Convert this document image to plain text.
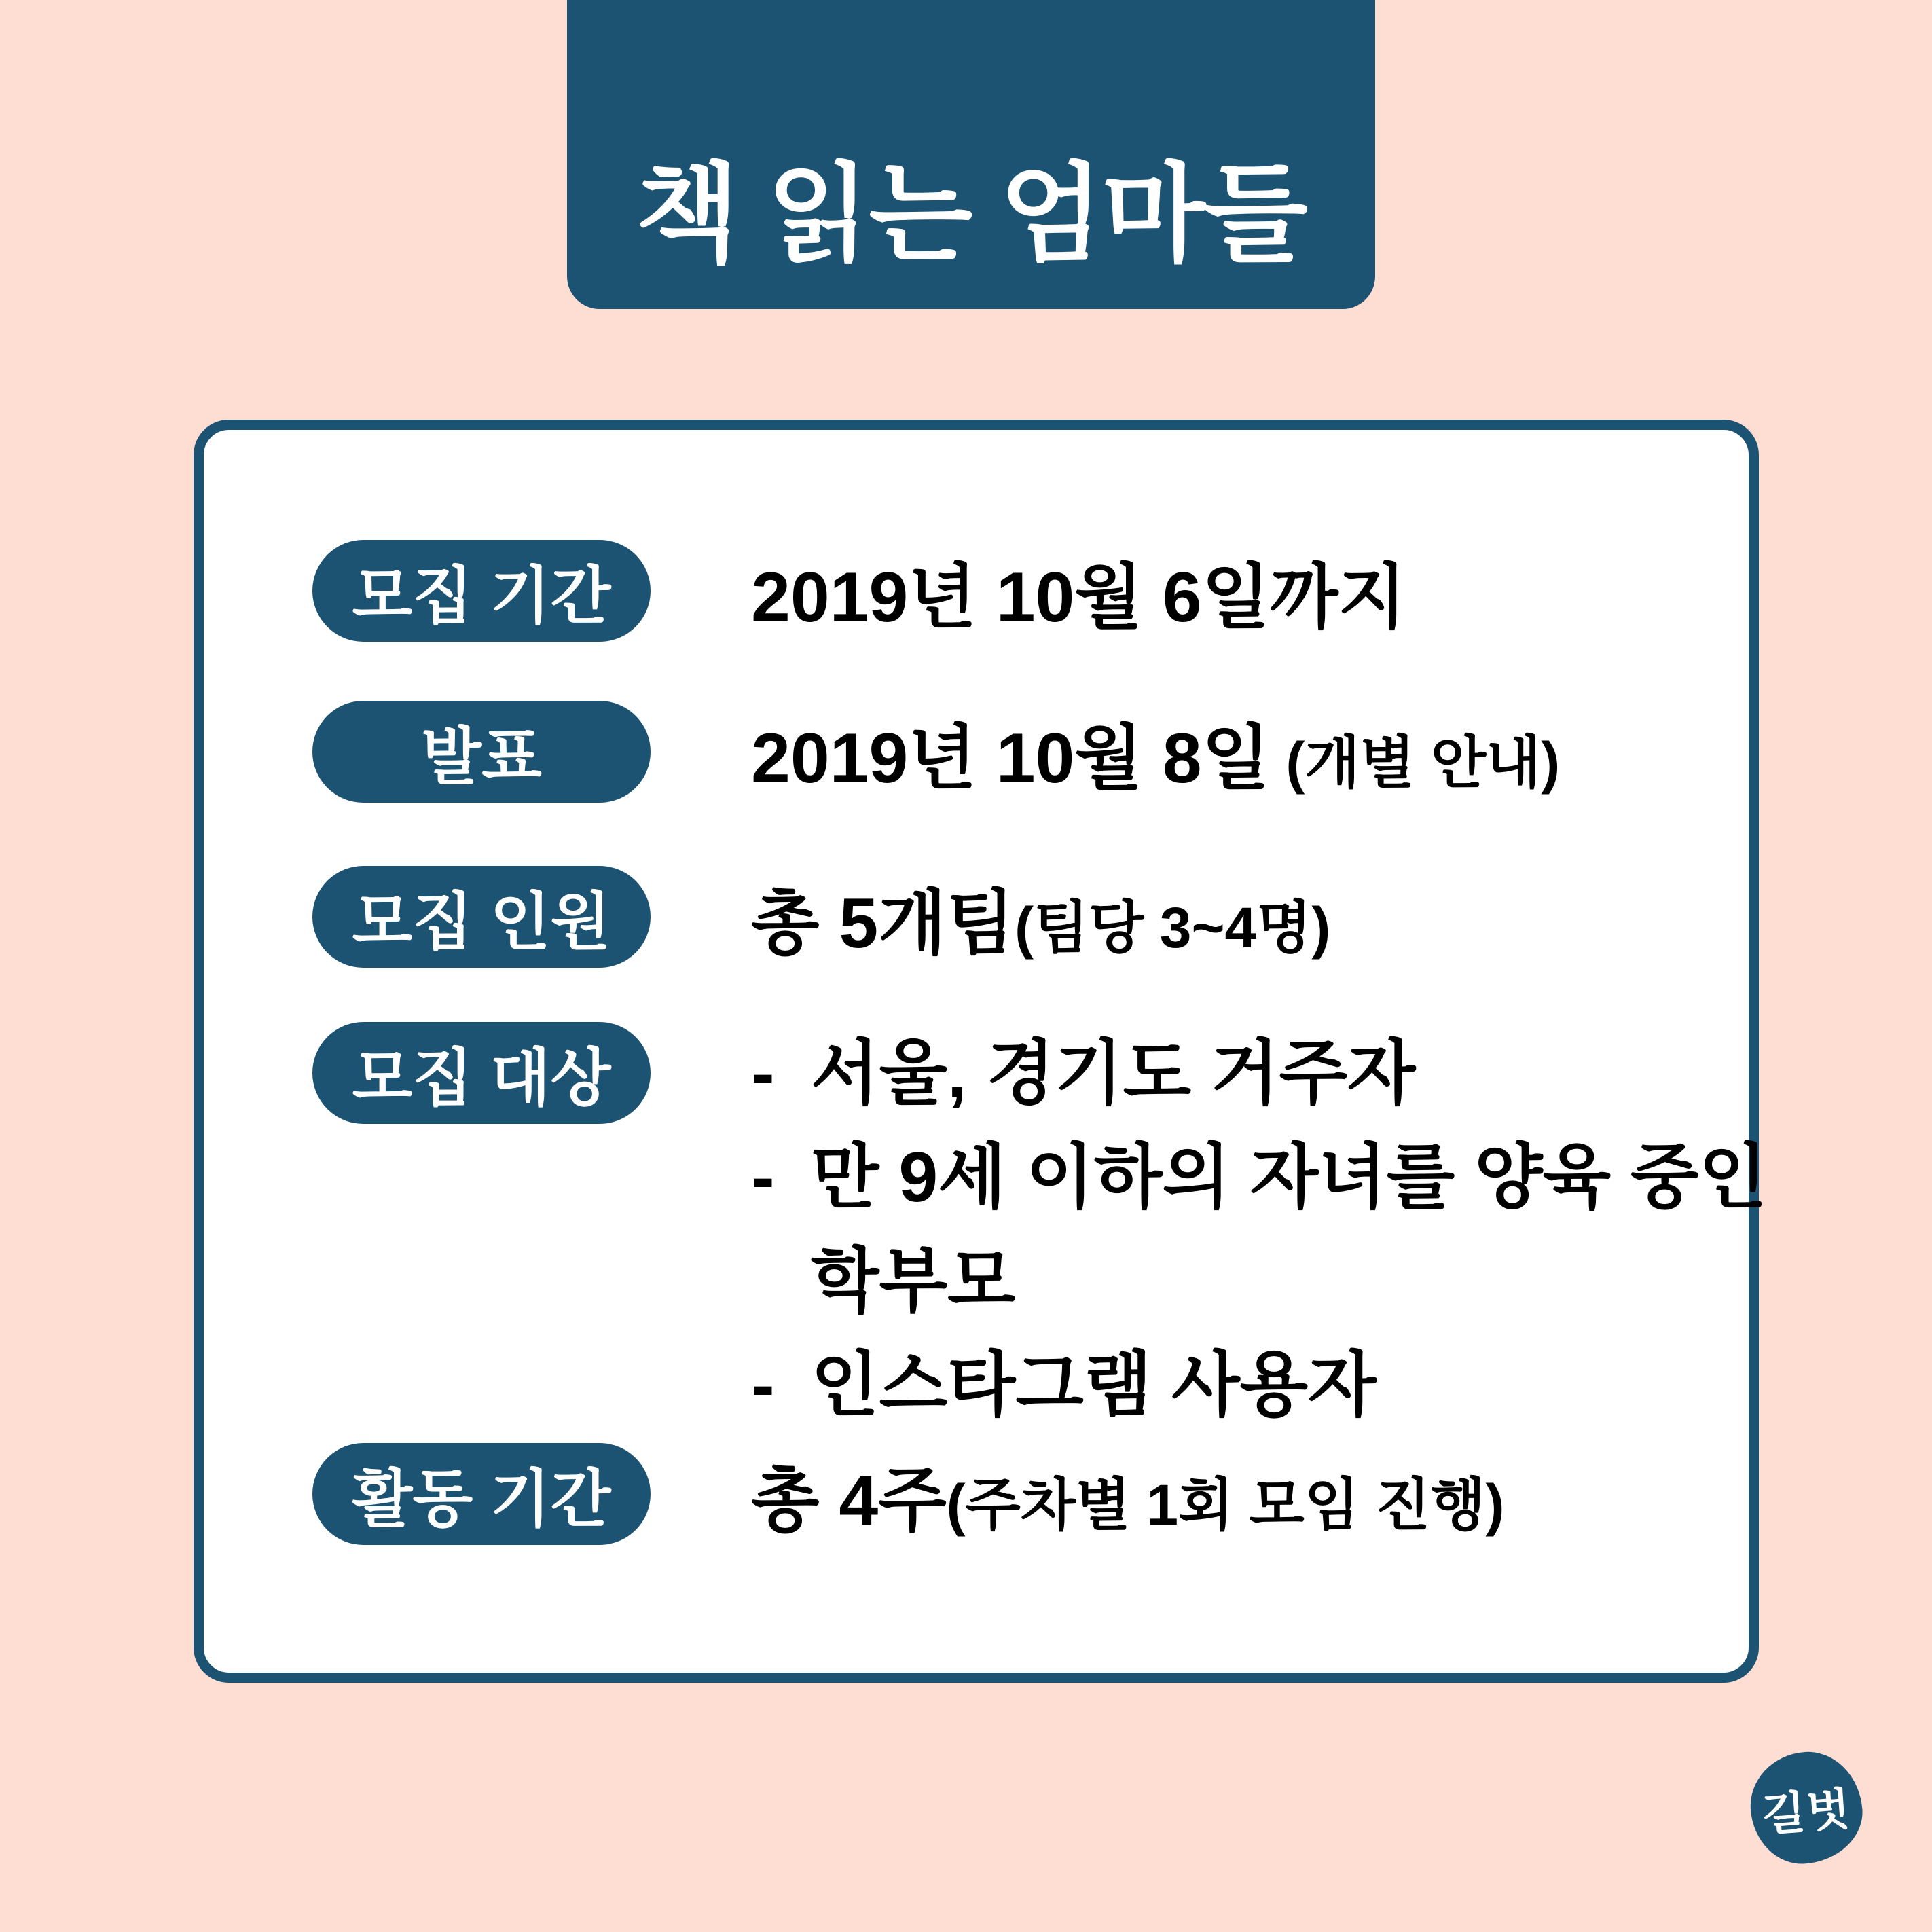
책 읽는 엄마들
모집 기간 2019년 10월 6일까지
발표	2019년 10월 8일 (개별 안내)
모집 인원 총 5개팀(팀당 3~4명)
모집 대상 - 서울, 경기도 거주자
- 만 9세 이하의 자녀를 양육 중인
학부모
- 인스타그램 사용자
활동 기간 총 4주(주차별 1회 모임 진행)
길벗
